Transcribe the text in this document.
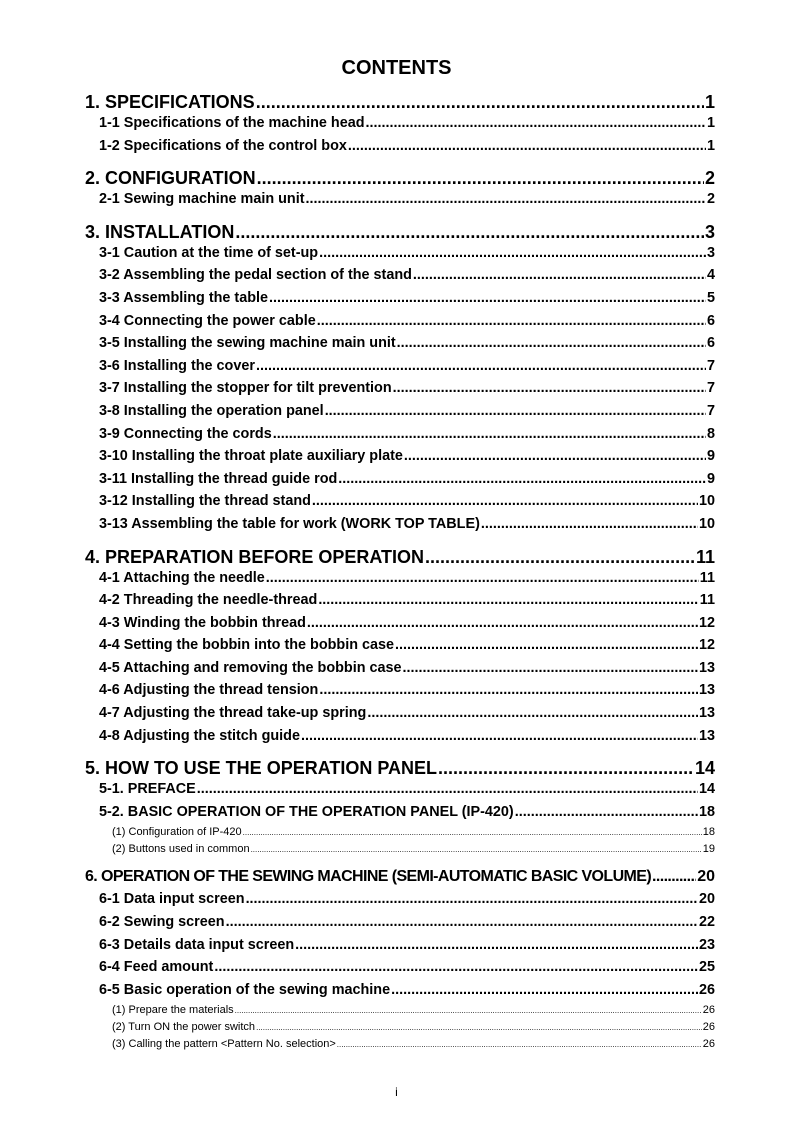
CONTENTS
1. SPECIFICATIONS .....	1
1-1 Specifications of the machine head .....	1
1-2 Specifications of the control box .....	1
2. CONFIGURATION .....	2
2-1 Sewing machine main unit .....	2
3. INSTALLATION .....	3
3-1 Caution at the time of set-up .....	3
3-2 Assembling the pedal section of the stand .....	4
3-3 Assembling the table .....	5
3-4 Connecting the power cable .....	6
3-5 Installing the sewing machine main unit .....	6
3-6 Installing the cover .....	7
3-7 Installing the stopper for tilt prevention .....	7
3-8 Installing the operation panel .....	7
3-9 Connecting the cords .....	8
3-10 Installing the throat plate auxiliary plate .....	9
3-11 Installing the thread guide rod .....	9
3-12 Installing the thread stand .....	10
3-13 Assembling the table for work (WORK TOP TABLE) .....	10
4. PREPARATION BEFORE OPERATION .....	11
4-1 Attaching the needle .....	11
4-2 Threading the needle-thread .....	11
4-3 Winding the bobbin thread .....	12
4-4 Setting the bobbin into the bobbin case .....	12
4-5 Attaching and removing the bobbin case .....	13
4-6 Adjusting the thread tension .....	13
4-7 Adjusting the thread take-up spring .....	13
4-8 Adjusting the stitch guide .....	13
5. HOW TO USE THE OPERATION PANEL .....	14
5-1. PREFACE .....	14
5-2. BASIC OPERATION OF THE OPERATION PANEL (IP-420) .....	18
(1) Configuration of IP-420 .....	18
(2) Buttons used in common .....	19
6. OPERATION OF THE SEWING MACHINE (SEMI-AUTOMATIC BASIC VOLUME) .....	20
6-1 Data input screen .....	20
6-2 Sewing screen .....	22
6-3 Details data input screen .....	23
6-4 Feed amount .....	25
6-5 Basic operation of the sewing machine .....	26
(1) Prepare the materials .....	26
(2) Turn ON the power switch .....	26
(3) Calling the pattern <Pattern No. selection> .....	26
i
